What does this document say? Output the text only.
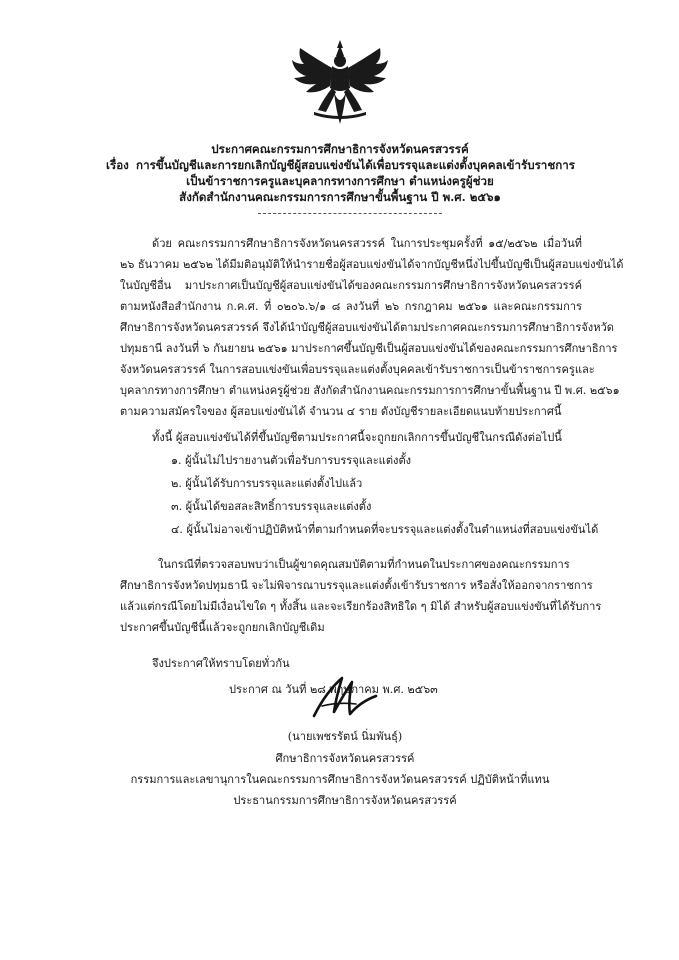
ประกาศคณะกรรมการศึกษาธิการจังหวัดนครสวรรค์
เรื่อง การขึ้นบัญชีและการยกเลิกบัญชีผู้สอบแข่งขันได้เพื่อบรรจุและแต่งตั้งบุคคลเข้ารับราชการ
เป็นข้าราชการครูและบุคลากรทางการศึกษา ตำแหน่งครูผู้ช่วย
สังกัดสำนักงานคณะกรรมการการศึกษาขั้นพื้นฐาน ปี พ.ศ. ๒๕๖๑
ด้วย คณะกรรมการศึกษาธิการจังหวัดนครสวรรค์ ในการประชุมครั้งที่ ๑๕/๒๕๖๒ เมื่อวันที่
๒๖ ธันวาคม ๒๕๖๒ ได้มีมติอนุมัติให้นำรายชื่อผู้สอบแข่งขันได้จากบัญชีหนึ่งไปขึ้นบัญชีเป็นผู้สอบแข่งขันได้
ในบัญชีอื่น มาประกาศเป็นบัญชีผู้สอบแข่งขันได้ของคณะกรรมการศึกษาธิการจังหวัดนครสวรรค์
ตามหนังสือสำนักงาน ก.ค.ศ. ที่ ๐๒๐๖.๖/๑ ๘ ลงวันที่ ๒๖ กรกฎาคม ๒๕๖๑ และคณะกรรมการ
ศึกษาธิการจังหวัดนครสวรรค์ จึงได้นำบัญชีผู้สอบแข่งขันได้ตามประกาศคณะกรรมการศึกษาธิการจังหวัด
ปทุมธานี ลงวันที่ ๖ กันยายน ๒๕๖๑ มาประกาศขึ้นบัญชีเป็นผู้สอบแข่งขันได้ของคณะกรรมการศึกษาธิการ
จังหวัดนครสวรรค์ ในการสอบแข่งขันเพื่อบรรจุและแต่งตั้งบุคคลเข้ารับราชการเป็นข้าราชการครูและ
บุคลากรทางการศึกษา ตำแหน่งครูผู้ช่วย สังกัดสำนักงานคณะกรรมการการศึกษาขั้นพื้นฐาน ปี พ.ศ. ๒๕๖๑
ตามความสมัครใจของ ผู้สอบแข่งขันได้ จำนวน ๔ ราย ดังบัญชีรายละเอียดแนบท้ายประกาศนี้
ทั้งนี้ ผู้สอบแข่งขันได้ที่ขึ้นบัญชีตามประกาศนี้จะถูกยกเลิกการขึ้นบัญชีในกรณีดังต่อไปนี้
๑. ผู้นั้นไม่ไปรายงานตัวเพื่อรับการบรรจุและแต่งตั้ง
๒. ผู้นั้นได้รับการบรรจุและแต่งตั้งไปแล้ว
๓. ผู้นั้นได้ขอสละสิทธิ์การบรรจุและแต่งตั้ง
๔. ผู้นั้นไม่อาจเข้าปฏิบัติหน้าที่ตามกำหนดที่จะบรรจุและแต่งตั้งในตำแหน่งที่สอบแข่งขันได้
ในกรณีที่ตรวจสอบพบว่าเป็นผู้ขาดคุณสมบัติตามที่กำหนดในประกาศของคณะกรรมการ
ศึกษาธิการจังหวัดปทุมธานี จะไม่พิจารณาบรรจุและแต่งตั้งเข้ารับราชการ หรือสั่งให้ออกจากราชการ
แล้วแต่กรณีโดยไม่มีเงื่อนไขใด ๆ ทั้งสิ้น และจะเรียกร้องสิทธิใด ๆ มิได้ สำหรับผู้สอบแข่งขันที่ได้รับการ
ประกาศขึ้นบัญชีนี้แล้วจะถูกยกเลิกบัญชีเดิม
จึงประกาศให้ทราบโดยทั่วกัน
ประกาศ ณ วันที่ ๒๘ พฤษภาคม พ.ศ. ๒๕๖๓
(นายเพชรรัตน์ นิ่มพันธุ์)
ศึกษาธิการจังหวัดนครสวรรค์
กรรมการและเลขานุการในคณะกรรมการศึกษาธิการจังหวัดนครสวรรค์ ปฏิบัติหน้าที่แทน
ประธานกรรมการศึกษาธิการจังหวัดนครสวรรค์
